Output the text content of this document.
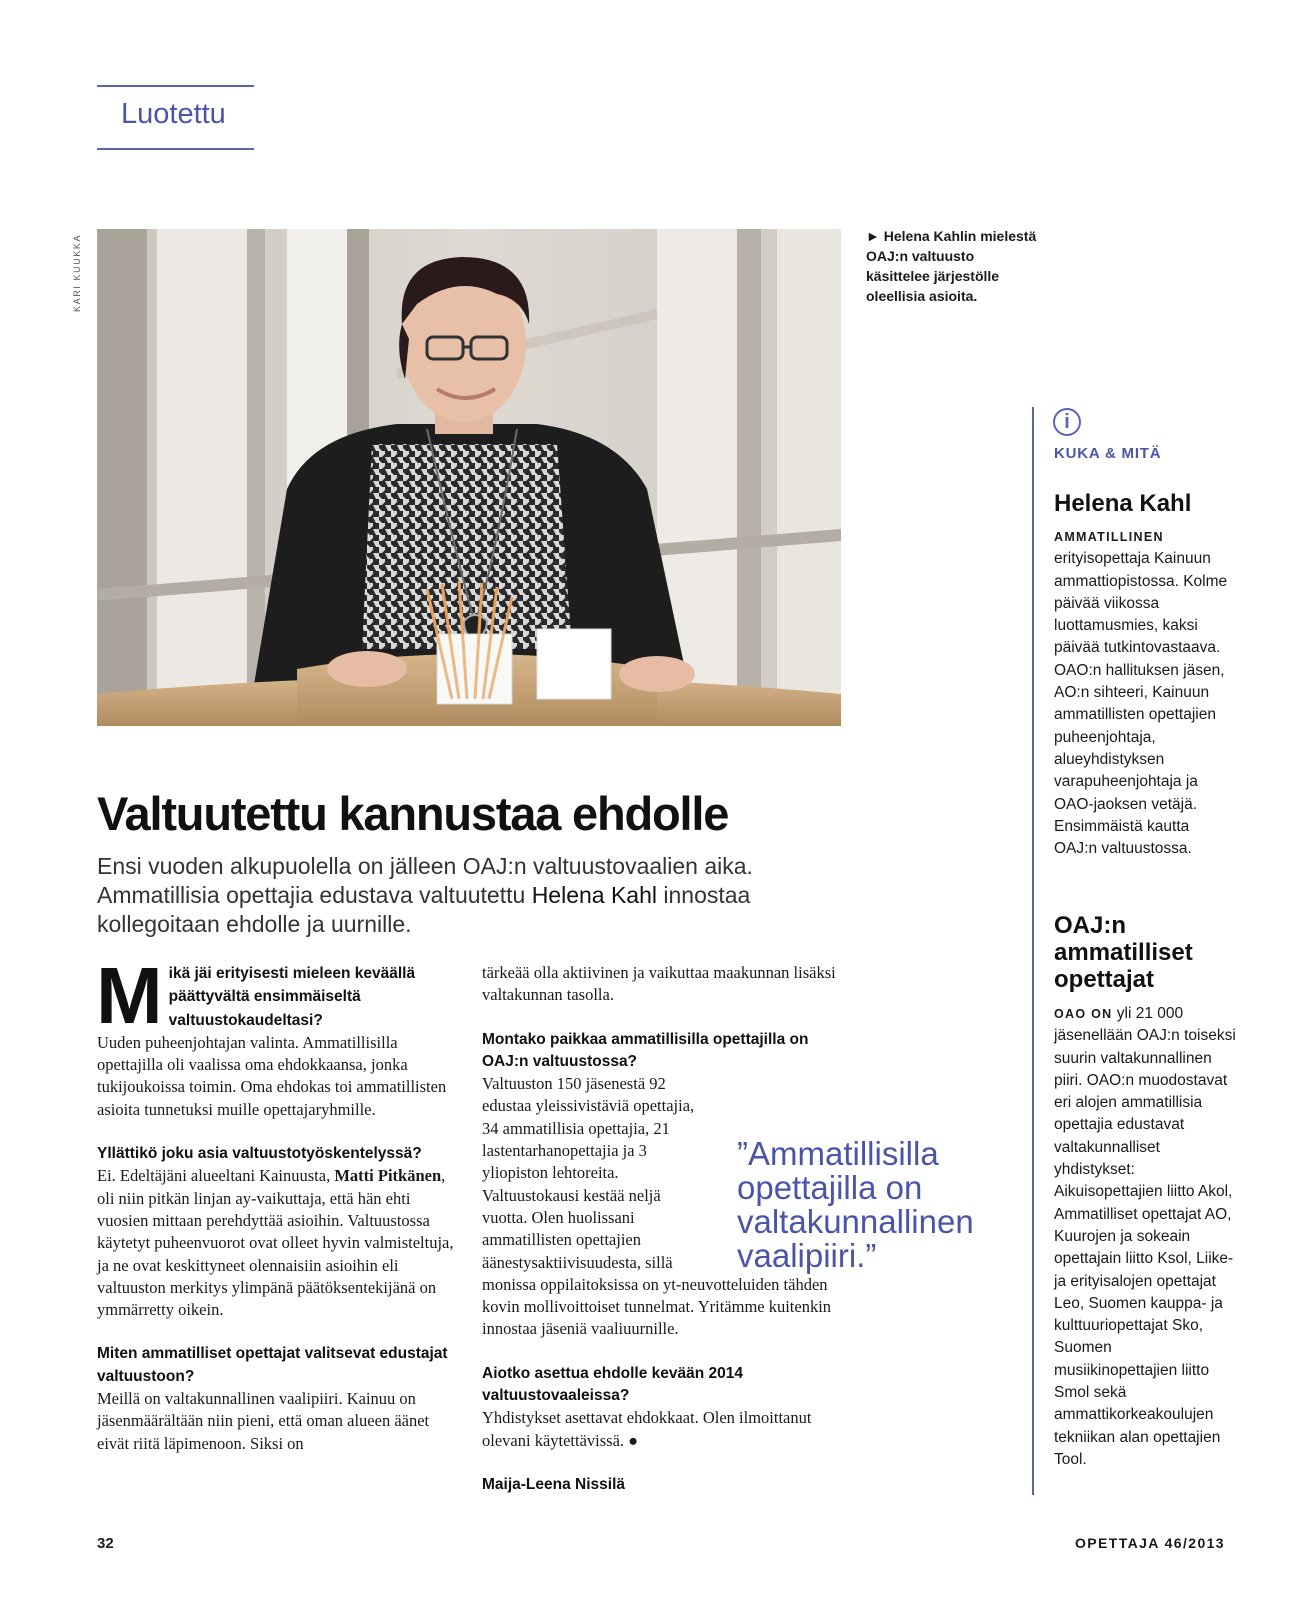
Luotettu
KARI KUUKKA	► Helena Kahlin mielestä OAJ:n valtuusto käsittelee järjestölle oleellisia asioita.
Valtuutettu kannustaa ehdolle
Ensi vuoden alkupuolella on jälleen OAJ:n valtuustovaalien aika. Ammatillisia opettajia edustava valtuutettu Helena Kahl innostaa kollegoitaan ehdolle ja uurnille.
M ikä jäi erityisesti mieleen keväällä päättyvältä ensimmäiseltä valtuustokaudeltasi?
Uuden puheenjohtajan valinta. Ammatillisilla opettajilla oli vaalissa oma ehdokkaansa, jonka tukijoukoissa toimin. Oma ehdokas toi ammatillisten asioita tunnetuksi muille opettajaryhmille.
Yllättikö joku asia valtuustotyöskentelyssä?
Ei. Edeltäjäni alueeltani Kainuusta, Matti Pitkänen, oli niin pitkän linjan ay-vaikuttaja, että hän ehti vuosien mittaan perehdyttää asioihin. Valtuustossa käytetyt puheenvuorot ovat olleet hyvin valmisteltuja, ja ne ovat keskittyneet olennaisiin asioihin eli valtuuston merkitys ylimpänä päätöksentekijänä on ymmärretty oikein.
Miten ammatilliset opettajat valitsevat edustajat valtuustoon?
Meillä on valtakunnallinen vaalipiiri. Kainuu on jäsenmäärältään niin pieni, että oman alueen äänet eivät riitä läpimenoon. Siksi on
tärkeää olla aktiivinen ja vaikuttaa maakunnan lisäksi valtakunnan tasolla.
Montako paikkaa ammatillisilla opettajilla on OAJ:n valtuustossa?
Valtuuston 150 jäsenestä 92 edustaa yleissivistäviä opettajia, 34 ammatillisia opettajia, 21 lastentarhanopettajia ja 3 yliopiston lehtoreita. Valtuustokausi kestää neljä vuotta. Olen huolissani ammatillisten opettajien äänestysaktiivisuudesta, sillä monissa oppilaitoksissa on yt-neuvotteluiden tähden kovin mollivoittoiset tunnelmat. Yritämme kuitenkin innostaa jäseniä vaaliuurnille.
Aiotko asettua ehdolle kevään 2014 valtuustovaaleissa?
Yhdistykset asettavat ehdokkaat. Olen ilmoittanut olevani käytettävissä. ●
Maija-Leena Nissilä
”Ammatillisilla opettajilla on valtakunnallinen vaalipiiri.”
i
KUKA & MITÄ
Helena Kahl
AMMATILLINEN erityisopettaja Kainuun ammattiopistossa. Kolme päivää viikossa luottamusmies, kaksi päivää tutkintovastaava. OAO:n hallituksen jäsen, AO:n sihteeri, Kainuun ammatillisten opettajien puheenjohtaja, alueyhdistyksen varapuheenjohtaja ja OAO-jaoksen vetäjä. Ensimmäistä kautta OAJ:n valtuustossa.
OAJ:n ammatilliset opettajat
OAO ON yli 21 000 jäsenellään OAJ:n toiseksi suurin valtakunnallinen piiri. OAO:n muodostavat eri alojen ammatillisia opettajia edustavat valtakunnalliset yhdistykset: Aikuisopettajien liitto Akol, Ammatilliset opettajat AO, Kuurojen ja sokeain opettajain liitto Ksol, Liike- ja erityisalojen opettajat Leo, Suomen kauppa- ja kulttuuriopettajat Sko, Suomen musiikinopettajien liitto Smol sekä ammattikorkeakoulujen tekniikan alan opettajien Tool.
32	OPETTAJA 46/2013
